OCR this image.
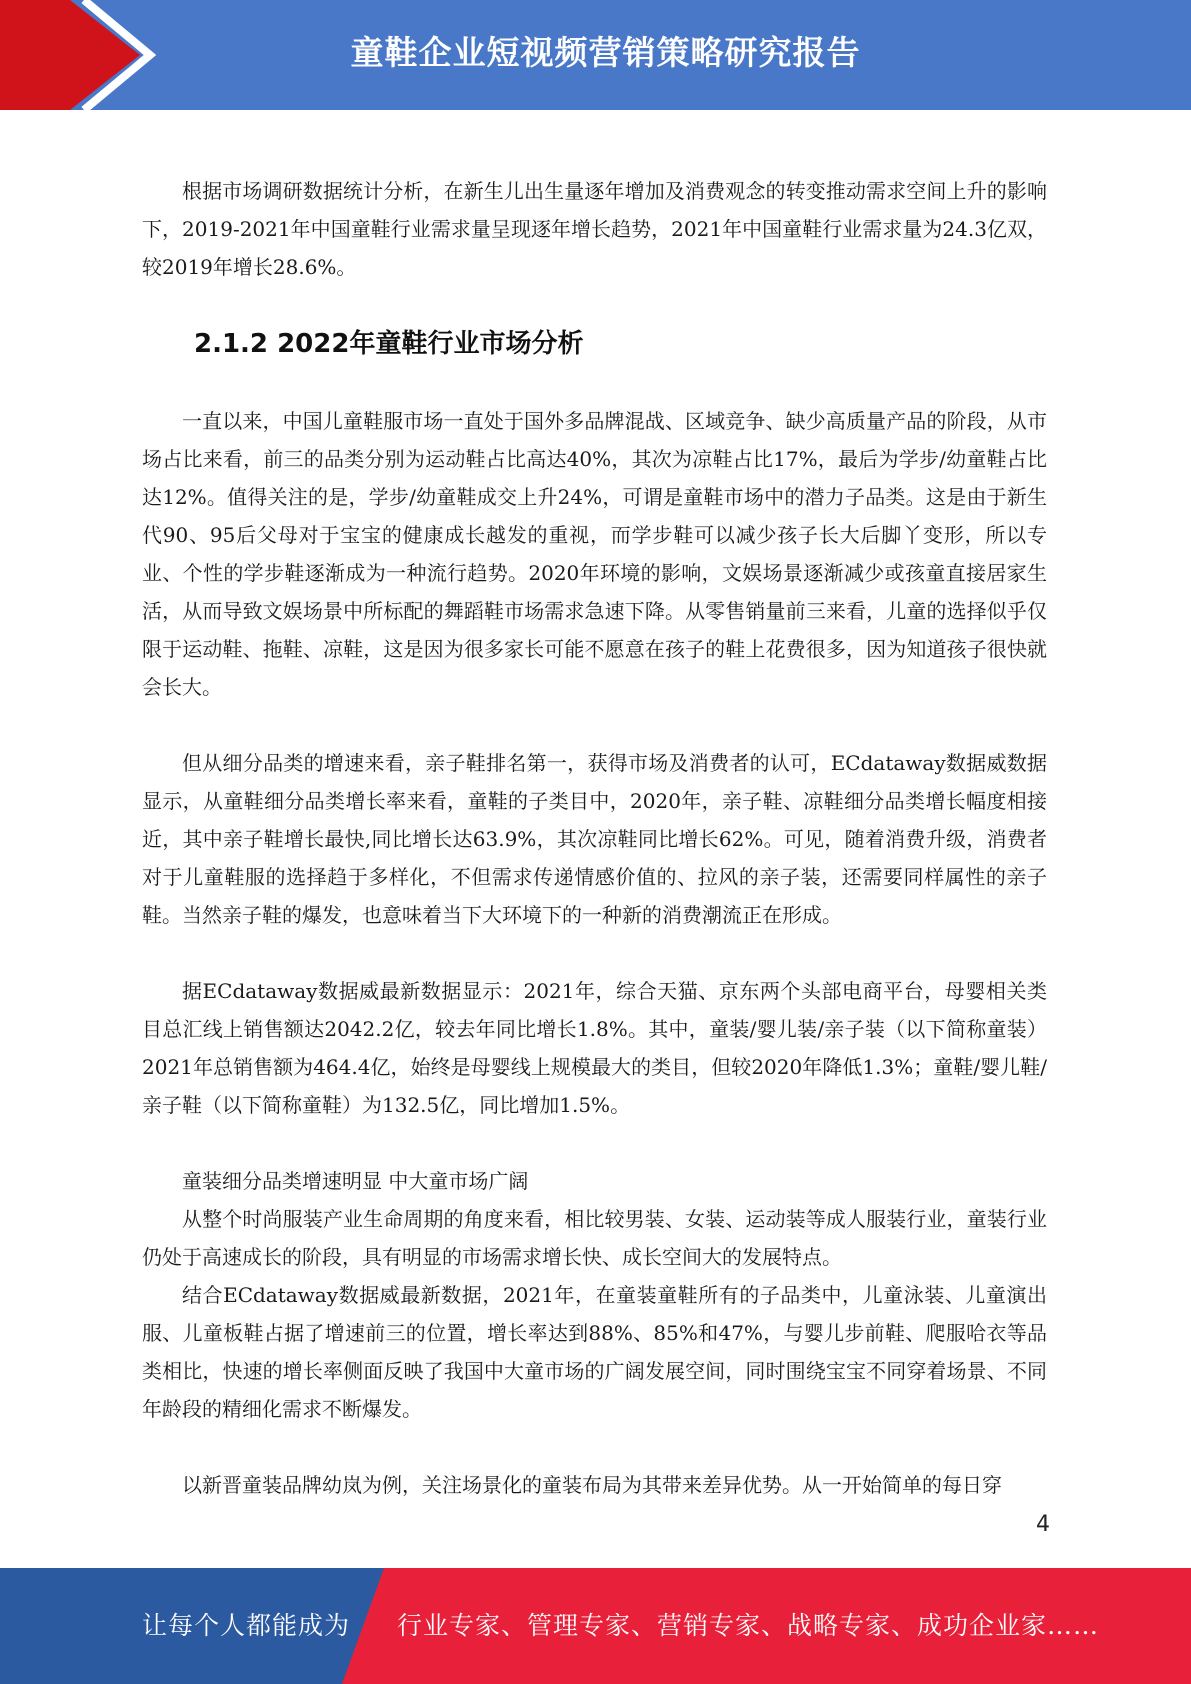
童鞋企业短视频营销策略研究报告

根据市场调研数据统计分析，在新生儿出生量逐年增加及消费观念的转变推动需求空间上升的影响下，2019-2021年中国童鞋行业需求量呈现逐年增长趋势，2021年中国童鞋行业需求量为24.3亿双，较2019年增长28.6%。

2.1.2 2022年童鞋行业市场分析

一直以来，中国儿童鞋服市场一直处于国外多品牌混战、区域竞争、缺少高质量产品的阶段，从市场占比来看，前三的品类分别为运动鞋占比高达40%，其次为凉鞋占比17%，最后为学步/幼童鞋占比达12%。值得关注的是，学步/幼童鞋成交上升24%，可谓是童鞋市场中的潜力子品类。这是由于新生代90、95后父母对于宝宝的健康成长越发的重视，而学步鞋可以减少孩子长大后脚丫变形，所以专业、个性的学步鞋逐渐成为一种流行趋势。2020年环境的影响，文娱场景逐渐减少或孩童直接居家生活，从而导致文娱场景中所标配的舞蹈鞋市场需求急速下降。从零售销量前三来看，儿童的选择似乎仅限于运动鞋、拖鞋、凉鞋，这是因为很多家长可能不愿意在孩子的鞋上花费很多，因为知道孩子很快就会长大。

但从细分品类的增速来看，亲子鞋排名第一，获得市场及消费者的认可，ECdataway数据威数据显示，从童鞋细分品类增长率来看，童鞋的子类目中，2020年，亲子鞋、凉鞋细分品类增长幅度相接近，其中亲子鞋增长最快,同比增长达63.9%，其次凉鞋同比增长62%。可见，随着消费升级，消费者对于儿童鞋服的选择趋于多样化，不但需求传递情感价值的、拉风的亲子装，还需要同样属性的亲子鞋。当然亲子鞋的爆发，也意味着当下大环境下的一种新的消费潮流正在形成。

据ECdataway数据威最新数据显示：2021年，综合天猫、京东两个头部电商平台，母婴相关类目总汇线上销售额达2042.2亿，较去年同比增长1.8%。其中，童装/婴儿装/亲子装（以下简称童装）2021年总销售额为464.4亿，始终是母婴线上规模最大的类目，但较2020年降低1.3%；童鞋/婴儿鞋/亲子鞋（以下简称童鞋）为132.5亿，同比增加1.5%。

童装细分品类增速明显 中大童市场广阔

从整个时尚服装产业生命周期的角度来看，相比较男装、女装、运动装等成人服装行业，童装行业仍处于高速成长的阶段，具有明显的市场需求增长快、成长空间大的发展特点。

结合ECdataway数据威最新数据，2021年，在童装童鞋所有的子品类中，儿童泳装、儿童演出服、儿童板鞋占据了增速前三的位置，增长率达到88%、85%和47%，与婴儿步前鞋、爬服哈衣等品类相比，快速的增长率侧面反映了我国中大童市场的广阔发展空间，同时围绕宝宝不同穿着场景、不同年龄段的精细化需求不断爆发。

以新晋童装品牌幼岚为例，关注场景化的童装布局为其带来差异优势。从一开始简单的每日穿

4
让每个人都能成为 行业专家、管理专家、营销专家、战略专家、成功企业家……
